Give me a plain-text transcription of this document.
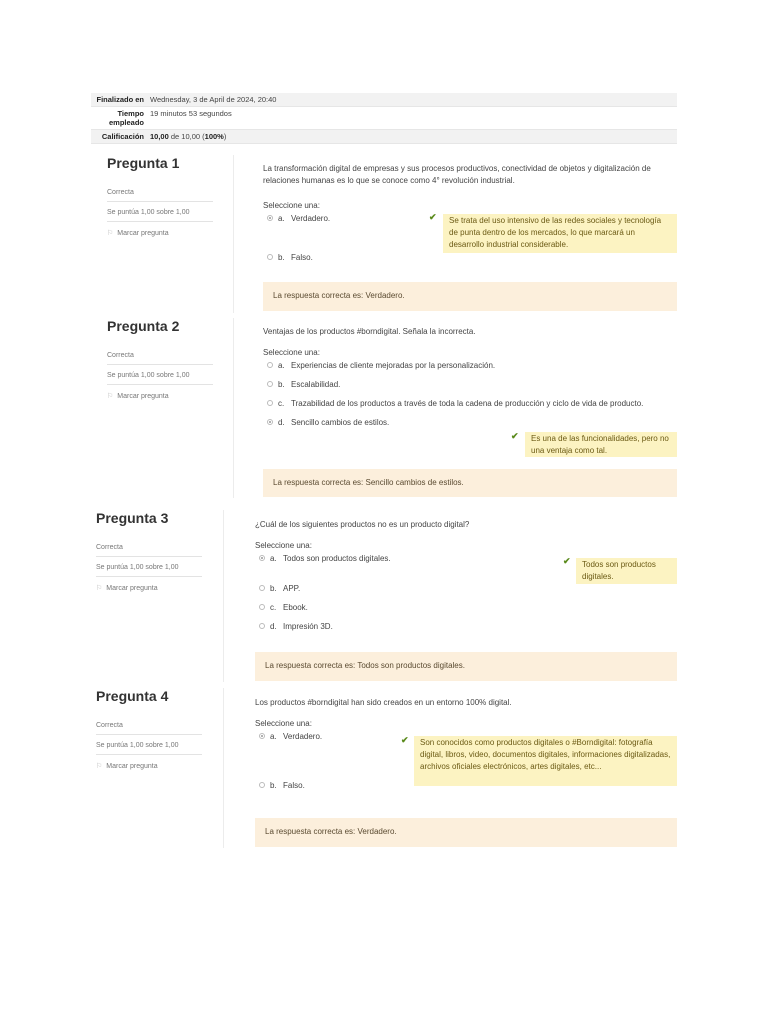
Finalizado en	Wednesday, 3 de April de 2024, 20:40
Tiempo empleado	19 minutos 53 segundos
Calificación	10,00 de 10,00 (100%)
Pregunta 1
Correcta
Se puntúa 1,00 sobre 1,00
⚐ Marcar pregunta
La transformación digital de empresas y sus procesos productivos, conectividad de objetos y digitalización de relaciones humanas es lo que se conoce como 4° revolución industrial.
Seleccione una:
a. Verdadero.
b. Falso.
✔	Se trata del uso intensivo de las redes sociales y tecnología de punta dentro de los mercados, lo que marcará un desarrollo industrial considerable.
La respuesta correcta es: Verdadero.
Pregunta 2
Correcta
Se puntúa 1,00 sobre 1,00
⚐ Marcar pregunta
Ventajas de los productos #borndigital. Señala la incorrecta.
Seleccione una:
a. Experiencias de cliente mejoradas por la personalización.
b. Escalabilidad.
c. Trazabilidad de los productos a través de toda la cadena de producción y ciclo de vida de producto.
d. Sencillo cambios de estilos.
✔	Es una de las funcionalidades, pero no una ventaja como tal.
La respuesta correcta es: Sencillo cambios de estilos.
Pregunta 3
Correcta
Se puntúa 1,00 sobre 1,00
⚐ Marcar pregunta
¿Cuál de los siguientes productos no es un producto digital?
Seleccione una:
a. Todos son productos digitales.
b. APP.
c. Ebook.
d. Impresión 3D.
✔	Todos son productos digitales.
La respuesta correcta es: Todos son productos digitales.
Pregunta 4
Correcta
Se puntúa 1,00 sobre 1,00
⚐ Marcar pregunta
Los productos #borndigital han sido creados en un entorno 100% digital.
Seleccione una:
a. Verdadero.
b. Falso.
✔	Son conocidos como productos digitales o #Borndigital: fotografía digital, libros, video, documentos digitales, informaciones digitalizadas, archivos oficiales electrónicos, artes digitales, etc...
La respuesta correcta es: Verdadero.
